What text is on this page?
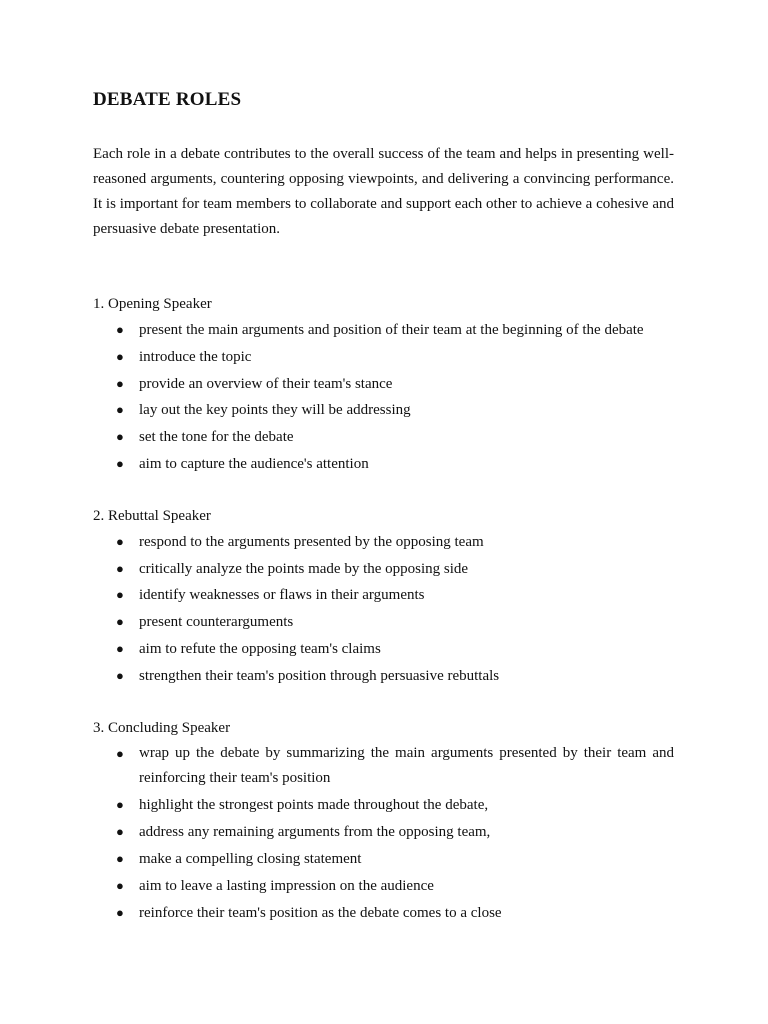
DEBATE ROLES

Each role in a debate contributes to the overall success of the team and helps in presenting well-reasoned arguments, countering opposing viewpoints, and delivering a convincing performance. It is important for team members to collaborate and support each other to achieve a cohesive and persuasive debate presentation.

1. Opening Speaker

● present the main arguments and position of their team at the beginning of the debate
● introduce the topic
● provide an overview of their team's stance
● lay out the key points they will be addressing
● set the tone for the debate
● aim to capture the audience's attention

2. Rebuttal Speaker

● respond to the arguments presented by the opposing team
● critically analyze the points made by the opposing side
● identify weaknesses or flaws in their arguments
● present counterarguments
● aim to refute the opposing team's claims
● strengthen their team's position through persuasive rebuttals

3. Concluding Speaker

● wrap up the debate by summarizing the main arguments presented by their team and reinforcing their team's position
● highlight the strongest points made throughout the debate,
● address any remaining arguments from the opposing team,
● make a compelling closing statement
● aim to leave a lasting impression on the audience
● reinforce their team's position as the debate comes to a close
